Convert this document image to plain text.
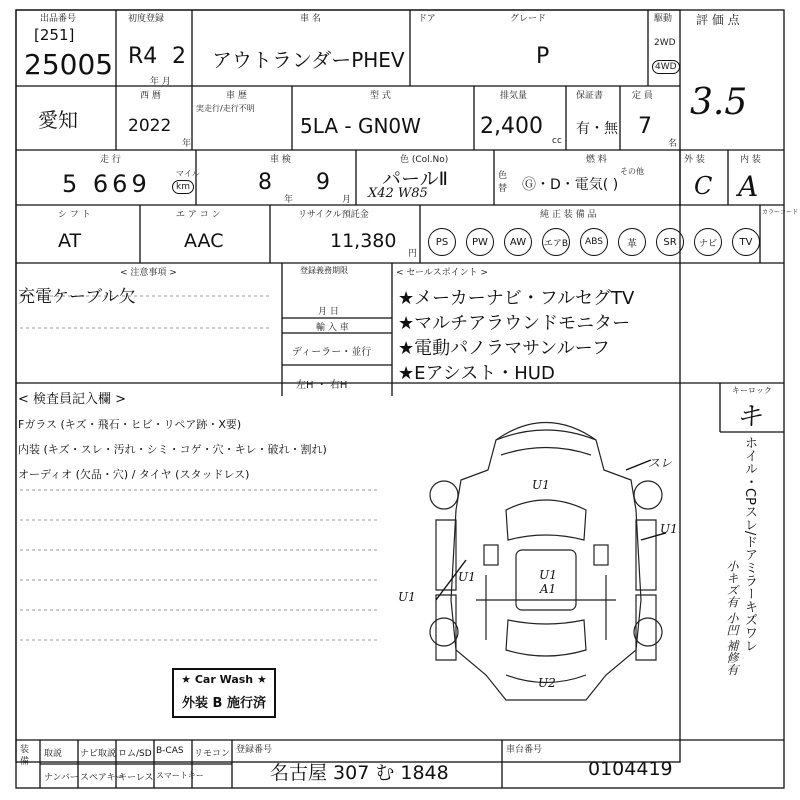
出品番号
[251]
25005
初度登録
R4 2
年 月
車 名
アウトランダーPHEV
ドア	グレード
P
駆動
2WD
4WD
評 価 点
3.5
愛知
西 暦
2022
年
車 歴
実走行/走行不明
型 式
5LA - GN0W
排気量
2,400
cc
保証書
有・無
定 員
7
名
走 行
5 669	マイル
km
車 検
8
年
9
月
色 (Col.No)
パールⅡ
X42 W85
色替
燃 料
Ⓖ・D・電気( )
その他
外 装
C
内 装
A
シ フ ト
AT
エ ア コ ン
AAC
リサイクル預託金
11,380
円
純 正 装 備 品	カラーコード
PS	PW	AW	エアB	ABS	革	SR	ナビ	TV
< 注意事項 >
充電ケーブル欠
登録義務期限
月 日
輸 入 車
ディーラー・並行
左H ・ 右H
< セールスポイント >
★メーカーナビ・フルセグTV
★マルチアラウンドモニター
★電動パノラマサンルーフ
★Eアシスト・HUD
< 検査員記入欄 >
Fガラス (キズ・飛石・ヒビ・リペア跡・X要)
内装 (キズ・スレ・汚れ・シミ・コゲ・穴・キレ・破れ・割れ)
オーディオ (欠品・穴) / タイヤ (スタッドレス)
★ Car Wash ★
外装 B 施行済
キーロック
キ
ホイル・CPスレ/ドアミラーキズワレ
小キズ有 小凹 補修有
U1
U1
U1 A1
U1
U1
U2
スレ
装備
取説 ナビ取説 ロム/SD B-CAS リモコン
ナンバー スペアキー
キーレス スマートキー
登録番号
名古屋 307 む 1848
車台番号
0104419
